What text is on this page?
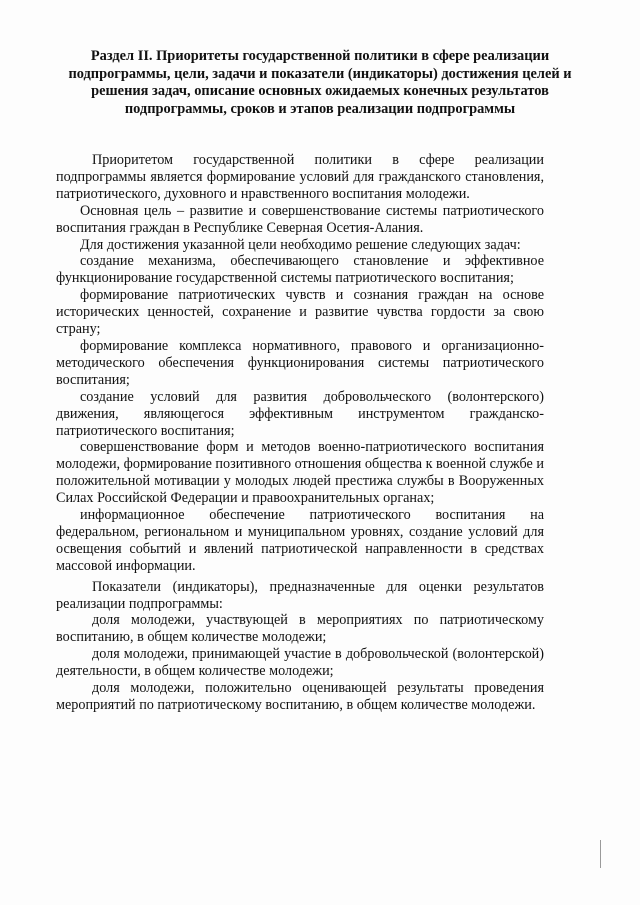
Раздел II. Приоритеты государственной политики в сфере реализации подпрограммы, цели, задачи и показатели (индикаторы) достижения целей и решения задач, описание основных ожидаемых конечных результатов подпрограммы, сроков и этапов реализации подпрограммы

Приоритетом государственной политики в сфере реализации подпрограммы является формирование условий для гражданского становления, патриотического, духовного и нравственного воспитания молодежи.

Основная цель – развитие и совершенствование системы патриотического воспитания граждан в Республике Северная Осетия-Алания.

Для достижения указанной цели необходимо решение следующих задач:

создание механизма, обеспечивающего становление и эффективное функционирование государственной системы патриотического воспитания;

формирование патриотических чувств и сознания граждан на основе исторических ценностей, сохранение и развитие чувства гордости за свою страну;

формирование комплекса нормативного, правового и организационно-методического обеспечения функционирования системы патриотического воспитания;

создание условий для развития добровольческого (волонтерского) движения, являющегося эффективным инструментом гражданско-патриотического воспитания;

совершенствование форм и методов военно-патриотического воспитания молодежи, формирование позитивного отношения общества к военной службе и положительной мотивации у молодых людей престижа службы в Вооруженных Силах Российской Федерации и правоохранительных органах;

информационное обеспечение патриотического воспитания на федеральном, региональном и муниципальном уровнях, создание условий для освещения событий и явлений патриотической направленности в средствах массовой информации.

Показатели (индикаторы), предназначенные для оценки результатов реализации подпрограммы:

доля молодежи, участвующей в мероприятиях по патриотическому воспитанию, в общем количестве молодежи;

доля молодежи, принимающей участие в добровольческой (волонтерской) деятельности, в общем количестве молодежи;

доля молодежи, положительно оценивающей результаты проведения мероприятий по патриотическому воспитанию, в общем количестве молодежи.
